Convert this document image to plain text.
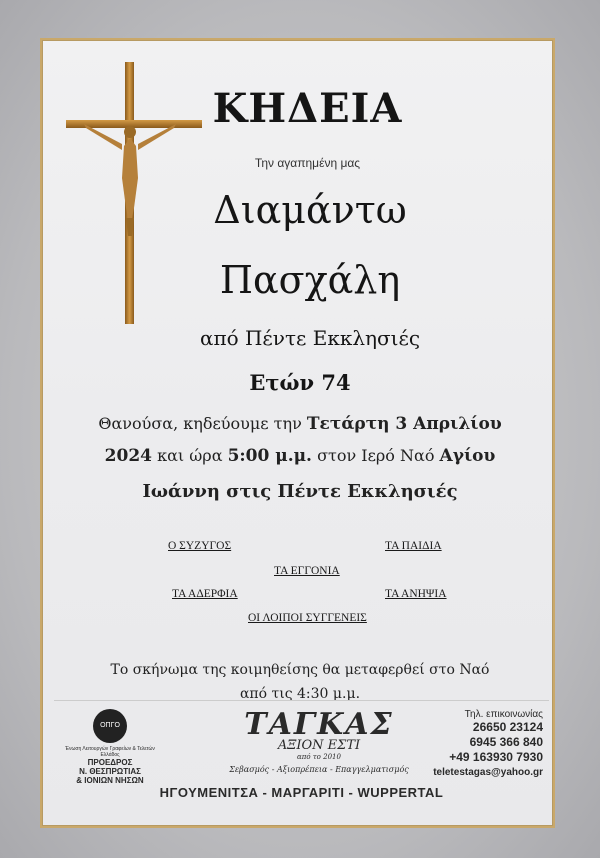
ΚΗΔΕΙΑ
Την αγαπημένη μας
Διαμάντω
Πασχάλη
από Πέντε Εκκλησιές
Ετών 74
Θανούσα, κηδεύουμε την Τετάρτη 3 Απριλίου
2024 και ώρα 5:00 μ.μ. στον Ιερό Ναό Αγίου
Ιωάννη στις Πέντε Εκκλησιές
Ο ΣΥΖΥΓΟΣ	ΤΑ ΠΑΙΔΙΑ
ΤΑ ΕΓΓΟΝΙΑ
ΤΑ ΑΔΕΡΦΙΑ	ΤΑ ΑΝΗΨΙΑ
ΟΙ ΛΟΙΠΟΙ ΣΥΓΓΕΝΕΙΣ
Το σκήνωμα της κοιμηθείσης θα μεταφερθεί στο Ναό
από τις 4:30 μ.μ.
ΟΠΓΟ
Ένωση Λειτουργών Γραφείων & Τελετών Ελλάδος
ΠΡΟΕΔΡΟΣ
Ν. ΘΕΣΠΡΩΤΙΑΣ
& ΙΟΝΙΩΝ ΝΗΣΩΝ
ΤΑΓΚΑΣ
ΑΞΙΟΝ ΕΣΤΙ
από το 2010
Σεβασμός - Αξιοπρέπεια - Επαγγελματισμός
Τηλ. επικοινωνίας
26650 23124
6945 366 840
+49 163930 7930
teletestagas@yahoo.gr
ΗΓΟΥΜΕΝΙΤΣΑ - ΜΑΡΓΑΡΙΤΙ - WUPPERTAL
